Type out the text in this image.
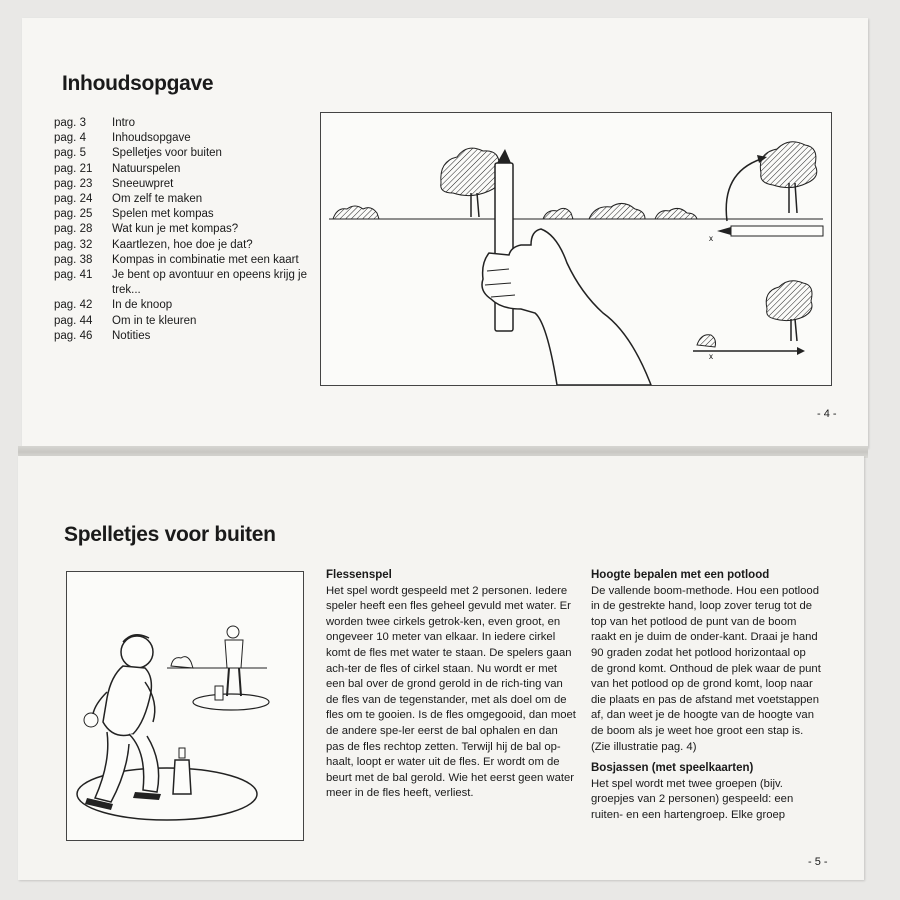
Inhoudsopgave
pag. 3	Intro
pag. 4	Inhoudsopgave
pag. 5	Spelletjes voor buiten
pag. 21	Natuurspelen
pag. 23	Sneeuwpret
pag. 24	Om zelf te maken
pag. 25	Spelen met kompas
pag. 28	Wat kun je met kompas?
pag. 32	Kaartlezen, hoe doe je dat?
pag. 38	Kompas in combinatie met een kaart
pag. 41	Je bent op avontuur en opeens krijg je trek...
pag. 42	In de knoop
pag. 44	Om in te kleuren
pag. 46	Notities
x
x
- 4 -
Spelletjes voor buiten
Flessenspel

Het spel wordt gespeeld met 2 personen. Iedere speler heeft een fles geheel gevuld met water. Er worden twee cirkels getrok-ken, even groot, en ongeveer 10 meter van elkaar. In iedere cirkel komt de fles met water te staan. De spelers gaan ach-ter de fles of cirkel staan. Nu wordt er met een bal over de grond gerold in de rich-ting van de fles van de tegenstander, met als doel om de fles om te gooien. Is de fles omgegooid, dan moet de andere spe-ler eerst de bal ophalen en dan pas de fles rechtop zetten. Terwijl hij de bal op-haalt, loopt er water uit de fles. Er wordt om de beurt met de bal gerold. Wie het eerst geen water meer in de fles heeft, verliest.

Hoogte bepalen met een potlood

De vallende boom-methode. Hou een potlood in de gestrekte hand, loop zover terug tot de top van het potlood de punt van de boom raakt en je duim de onder-kant. Draai je hand 90 graden zodat het potlood horizontaal op de grond komt. Onthoud de plek waar de punt van het potlood op de grond komt, loop naar die plaats en pas de afstand met voetstappen af, dan weet je de hoogte van de hoogte van de boom als je weet hoe groot een stap is. (Zie illustratie pag. 4)

Bosjassen (met speelkaarten)

Het spel wordt met twee groepen (bijv. groepjes van 2 personen) gespeeld: een ruiten- en een hartengroep. Elke groep

- 5 -
